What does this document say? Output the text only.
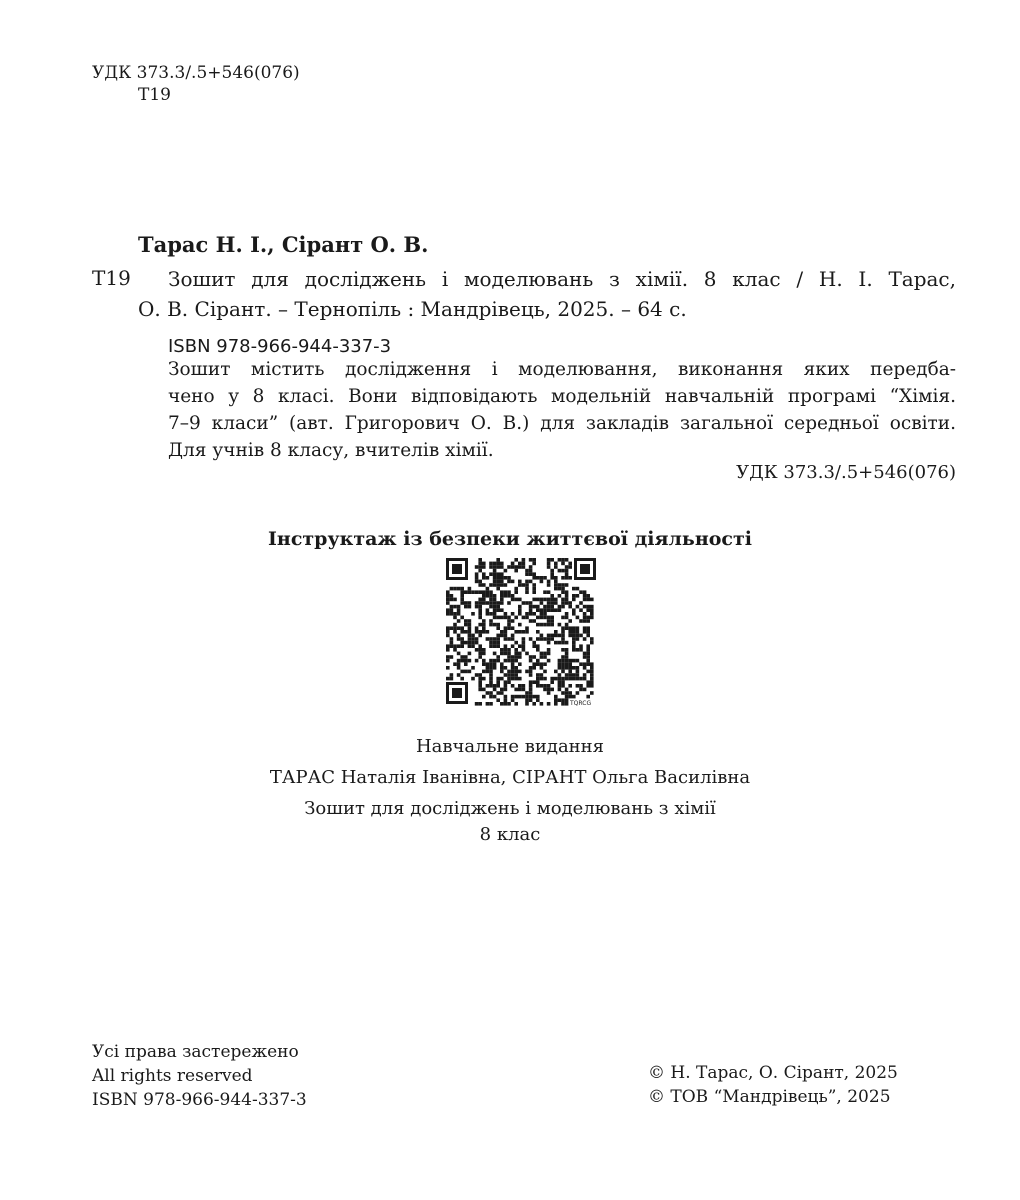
УДК 373.3/.5+546(076)
Т19
Тарас Н. І., Сірант О. В.
Т19 Зошит для досліджень і моделювань з хімії. 8 клас / Н. І. Тарас,
О. В. Сірант. – Тернопіль : Мандрівець, 2025. – 64 с.
ISBN 978-966-944-337-3
Зошит містить дослідження і моделювання, виконання яких передба-
чено у 8 класі. Вони відповідають модельній навчальній програмі “Хімія.
7–9 класи” (авт. Григорович О. В.) для закладів загальної середньої освіти.
Для учнів 8 класу, вчителів хімії.
УДК 373.3/.5+546(076)
Інструктаж із безпеки життєвої діяльності
TQRCG
Навчальне видання
ТАРАС Наталія Іванівна, СІРАНТ Ольга Василівна
Зошит для досліджень і моделювань з хімії
8 клас
Усі права застережено
All rights reserved
ISBN 978-966-944-337-3
© Н. Тарас, О. Сірант, 2025
© ТОВ “Мандрівець”, 2025
